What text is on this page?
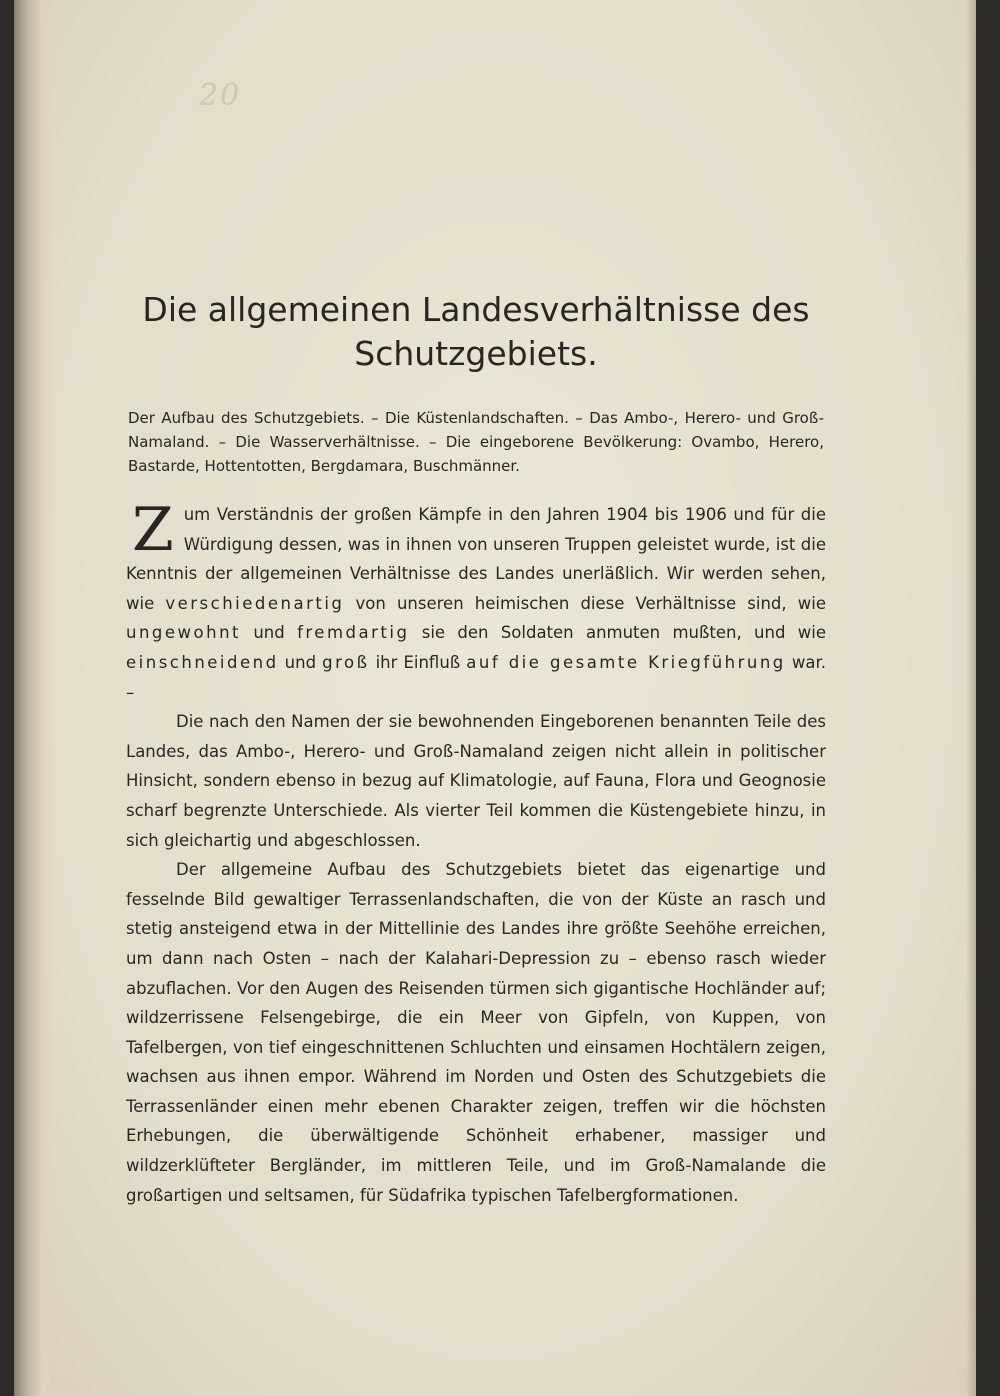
20
Die allgemeinen Landesverhältnisse des Schutzgebiets.

Der Aufbau des Schutzgebiets. – Die Küstenlandschaften. – Das Ambo-, Herero- und Groß-Namaland. – Die Wasserverhältnisse. – Die eingeborene Bevölkerung: Ovambo, Herero, Bastarde, Hottentotten, Bergdamara, Buschmänner.

Zum Verständnis der großen Kämpfe in den Jahren 1904 bis 1906 und für die Würdigung dessen, was in ihnen von unseren Truppen geleistet wurde, ist die Kenntnis der allgemeinen Verhältnisse des Landes unerläßlich. Wir werden sehen, wie verschiedenartig von unseren heimischen diese Verhältnisse sind, wie ungewohnt und fremdartig sie den Soldaten anmuten mußten, und wie einschneidend und groß ihr Einfluß auf die gesamte Kriegführung war. –

Die nach den Namen der sie bewohnenden Eingeborenen benannten Teile des Landes, das Ambo-, Herero- und Groß-Namaland zeigen nicht allein in politischer Hinsicht, sondern ebenso in bezug auf Klimatologie, auf Fauna, Flora und Geognosie scharf begrenzte Unterschiede. Als vierter Teil kommen die Küstengebiete hinzu, in sich gleichartig und abgeschlossen.

Der allgemeine Aufbau des Schutzgebiets bietet das eigenartige und fesselnde Bild gewaltiger Terrassenlandschaften, die von der Küste an rasch und stetig ansteigend etwa in der Mittellinie des Landes ihre größte Seehöhe erreichen, um dann nach Osten – nach der Kalahari-Depression zu – ebenso rasch wieder abzuflachen. Vor den Augen des Reisenden türmen sich gigantische Hochländer auf; wildzerrissene Felsengebirge, die ein Meer von Gipfeln, von Kuppen, von Tafelbergen, von tief eingeschnittenen Schluchten und einsamen Hochtälern zeigen, wachsen aus ihnen empor. Während im Norden und Osten des Schutzgebiets die Terrassenländer einen mehr ebenen Charakter zeigen, treffen wir die höchsten Erhebungen, die überwältigende Schönheit erhabener, massiger und wildzerklüfteter Bergländer, im mittleren Teile, und im Groß-Namalande die großartigen und seltsamen, für Südafrika typischen Tafelbergformationen.
